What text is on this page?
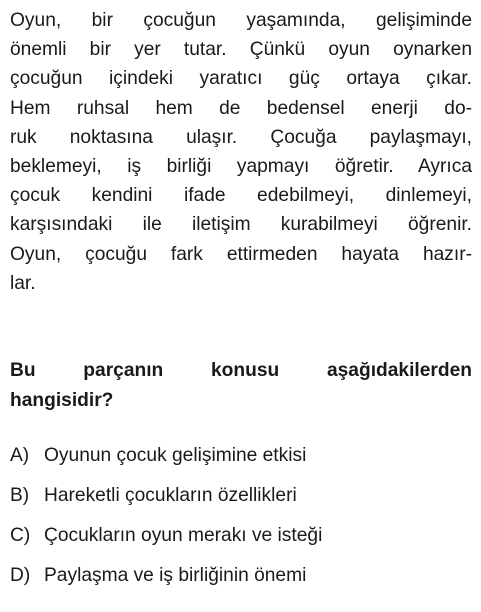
Oyun, bir çocuğun yaşamında, gelişiminde
önemli bir yer tutar. Çünkü oyun oynarken
çocuğun içindeki yaratıcı güç ortaya çıkar.
Hem ruhsal hem de bedensel enerji do-
ruk noktasına ulaşır. Çocuğa paylaşmayı,
beklemeyi, iş birliği yapmayı öğretir. Ayrıca
çocuk kendini ifade edebilmeyi, dinlemeyi,
karşısındaki ile iletişim kurabilmeyi öğrenir.
Oyun, çocuğu fark ettirmeden hayata hazır-
lar.
Bu parçanın konusu aşağıdakilerden
hangisidir?
A) Oyunun çocuk gelişimine etkisi
B) Hareketli çocukların özellikleri
C) Çocukların oyun merakı ve isteği
D) Paylaşma ve iş birliğinin önemi
